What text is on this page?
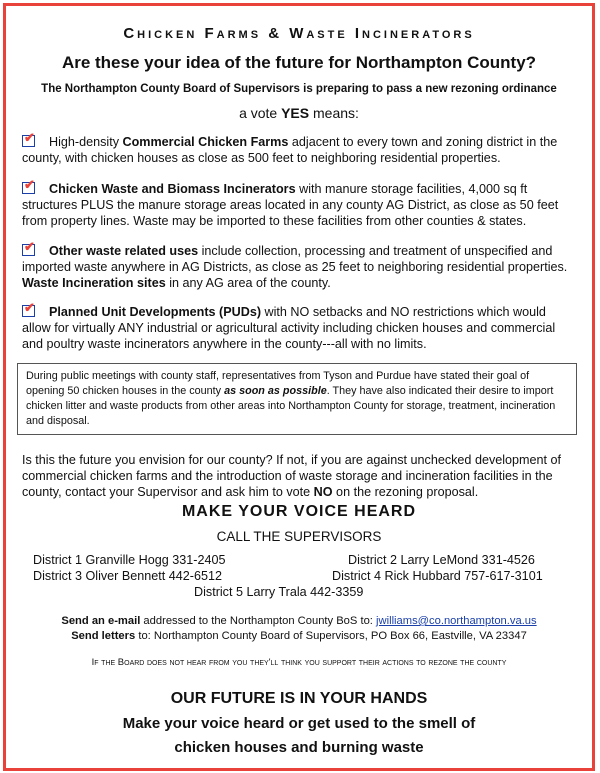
Chicken Farms & Waste Incinerators
Are these your idea of the future for Northampton County?
The Northampton County Board of Supervisors is preparing to pass a new rezoning ordinance
a vote YES means:
✔High-density Commercial Chicken Farms adjacent to every town and zoning district in the county, with chicken houses as close as 500 feet to neighboring residential properties.
✔Chicken Waste and Biomass Incinerators with manure storage facilities, 4,000 sq ft structures PLUS the manure storage areas located in any county AG District, as close as 50 feet from property lines. Waste may be imported to these facilities from other counties & states.
✔Other waste related uses include collection, processing and treatment of unspecified and imported waste anywhere in AG Districts, as close as 25 feet to neighboring residential properties. Waste Incineration sites in any AG area of the county.
✔Planned Unit Developments (PUDs) with NO setbacks and NO restrictions which would allow for virtually ANY industrial or agricultural activity including chicken houses and commercial and poultry waste incinerators anywhere in the county---all with no limits.
During public meetings with county staff, representatives from Tyson and Purdue have stated their goal of opening 50 chicken houses in the county as soon as possible. They have also indicated their desire to import chicken litter and waste products from other areas into Northampton County for storage, treatment, incineration and disposal.
Is this the future you envision for our county? If not, if you are against unchecked development of commercial chicken farms and the introduction of waste storage and incineration facilities in the county, contact your Supervisor and ask him to vote NO on the rezoning proposal.
MAKE YOUR VOICE HEARD
CALL THE SUPERVISORS
District 1 Granville Hogg 331-2405	District 2 Larry LeMond 331-4526
District 3 Oliver Bennett 442-6512	District 4 Rick Hubbard 757-617-3101
District 5 Larry Trala 442-3359
Send an e-mail addressed to the Northampton County BoS to: jwilliams@co.northampton.va.us
Send letters to: Northampton County Board of Supervisors, PO Box 66, Eastville, VA 23347
If the Board does not hear from you they'll think you support their actions to rezone the county
OUR FUTURE IS IN YOUR HANDS
Make your voice heard or get used to the smell of
chicken houses and burning waste
